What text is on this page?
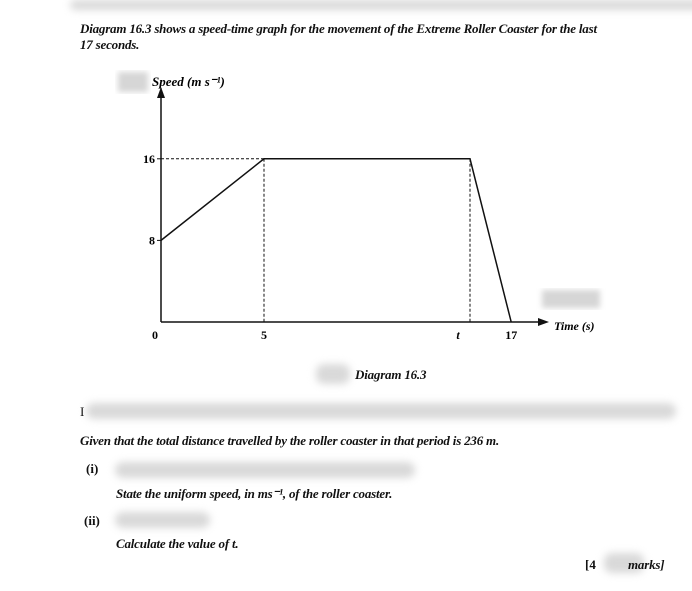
Diagram 16.3 shows a speed-time graph for the movement of the Extreme Roller Coaster for the last
17 seconds.
Speed (m s⁻¹)
Time (s)
8
16
0	5	t	17
Diagram 16.3
I
Given that the total distance travelled by the roller coaster in that period is 236 m.
(i)
State the uniform speed, in ms⁻¹, of the roller coaster.
(ii)
Calculate the value of t.
[4 marks]
